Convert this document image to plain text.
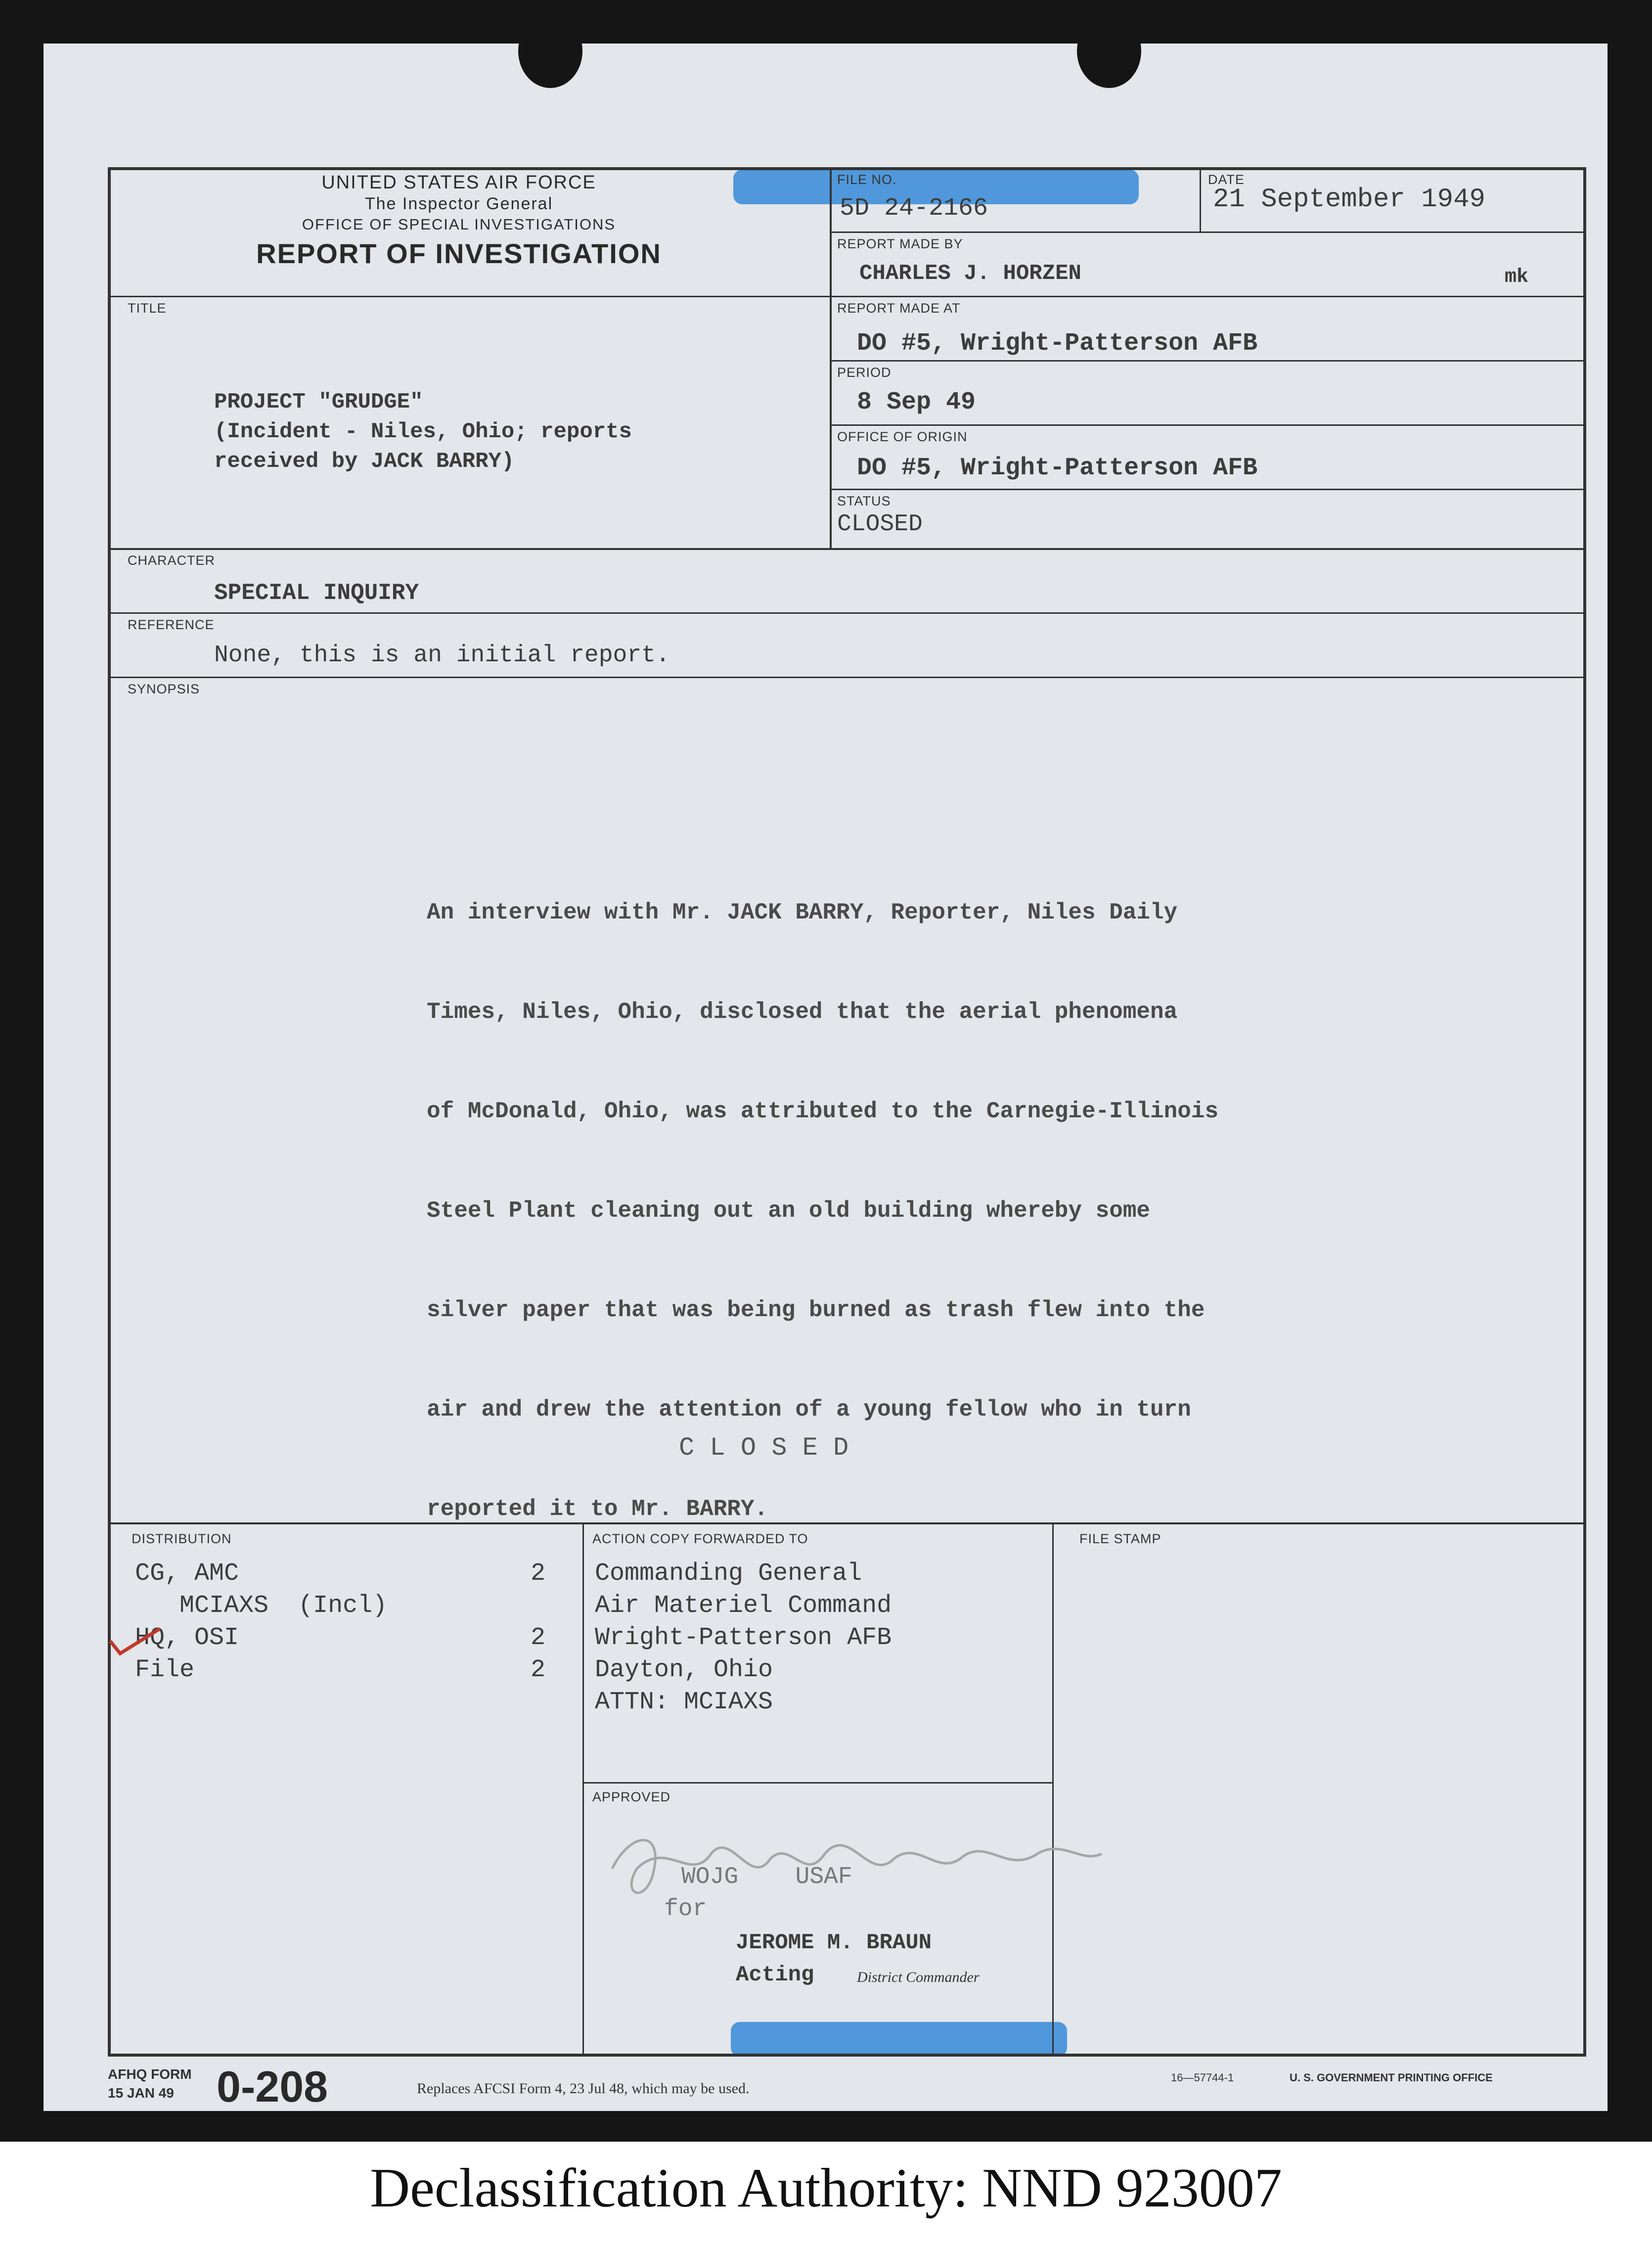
UNITED STATES AIR FORCE
The Inspector General
OFFICE OF SPECIAL INVESTIGATIONS
REPORT OF INVESTIGATION
FILE NO.
5D 24-2166
DATE
21 September 1949
REPORT MADE BY
CHARLES J. HORZEN	mk
REPORT MADE AT
DO #5, Wright-Patterson AFB
PERIOD
8 Sep 49
OFFICE OF ORIGIN
DO #5, Wright-Patterson AFB
STATUS
CLOSED
TITLE
PROJECT "GRUDGE"
(Incident - Niles, Ohio; reports
received by JACK BARRY)
CHARACTER
SPECIAL INQUIRY
REFERENCE
None, this is an initial report.
SYNOPSIS

An interview with Mr. JACK BARRY, Reporter, Niles Daily

Times, Niles, Ohio, disclosed that the aerial phenomena

of McDonald, Ohio, was attributed to the Carnegie-Illinois

Steel Plant cleaning out an old building whereby some

silver paper that was being burned as trash flew into the

air and drew the attention of a young fellow who in turn

reported it to Mr. BARRY.

C L O S E D
DISTRIBUTION
CG, AMC	2
MCIAXS  (Incl)
HQ, OSI	2
File	2
ACTION COPY FORWARDED TO
Commanding General
Air Materiel Command
Wright-Patterson AFB
Dayton, Ohio
ATTN: MCIAXS
FILE STAMP
APPROVED
WOJG    USAF
for
JEROME M. BRAUN
Acting	District Commander
AFHQ FORM
15 JAN 49 0-208	Replaces AFCSI Form 4, 23 Jul 48, which may be used.
16—57744-1	U. S. GOVERNMENT PRINTING OFFICE
Declassification Authority: NND 923007
